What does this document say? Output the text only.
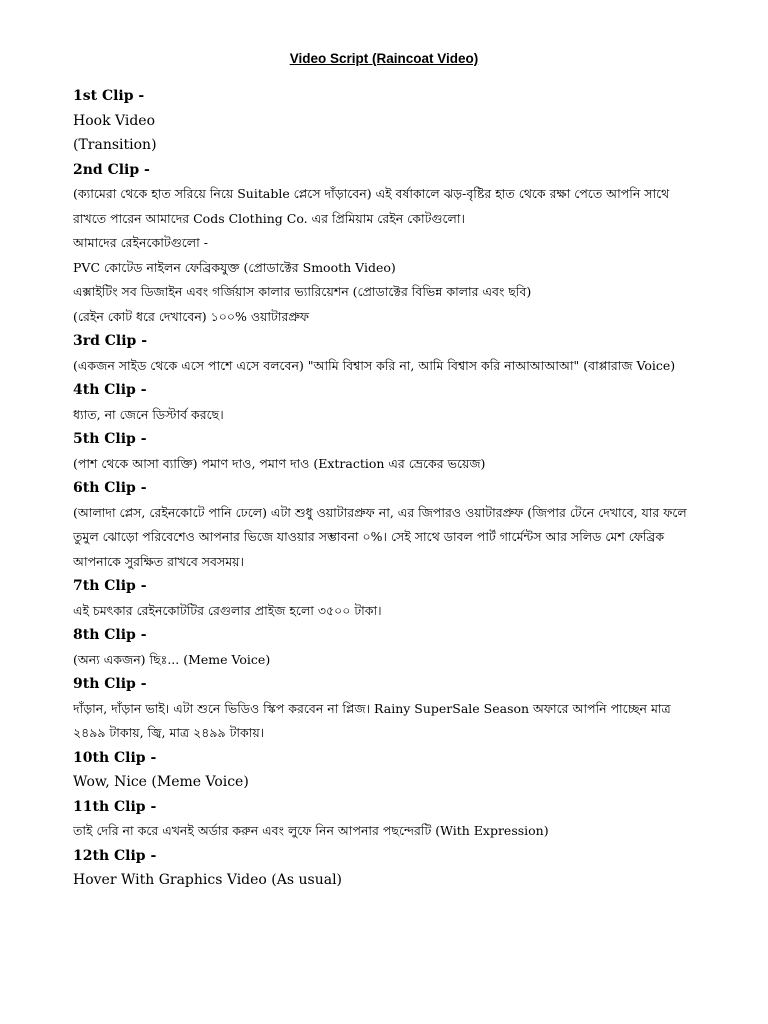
Video Script (Raincoat Video)
1st Clip -
Hook Video
(Transition)
2nd Clip -
(ক্যামেরা থেকে হাত সরিয়ে নিয়ে Suitable প্লেসে দাঁড়াবেন) এই বর্ষাকালে ঝড়-বৃষ্টির হাত থেকে রক্ষা পেতে আপনি সাথে
রাখতে পারেন আমাদের Cods Clothing Co. এর প্রিমিয়াম রেইন কোটগুলো।
আমাদের রেইনকোটগুলো -
PVC কোটেড নাইলন ফেব্রিকযুক্ত (প্রোডাক্টের Smooth Video)
এক্সাইটিং সব ডিজাইন এবং গর্জিয়াস কালার ভ্যারিয়েশন (প্রোডাক্টের বিভিন্ন কালার এবং ছবি)
(রেইন কোট ধরে দেখাবেন) ১০০% ওয়াটারপ্রুফ
3rd Clip -
(একজন সাইড থেকে এসে পাশে এসে বলবেন) "আমি বিশ্বাস করি না, আমি বিশ্বাস করি নাআআআআ" (বাপ্পারাজ Voice)
4th Clip -
ধ্যাত, না জেনে ডিস্টার্ব করছে।
5th Clip -
(পাশ থেকে আসা ব্যাক্তি) পমাণ দাও, পমাণ দাও (Extraction এর ভ্রেকের ভয়েজ)
6th Clip -
(আলাদা প্লেস, রেইনকোটে পানি ঢেলে) এটা শুধু ওয়াটারপ্রুফ না, এর জিপারও ওয়াটারপ্রুফ (জিপার টেনে দেখাবে, যার ফলে
তুমুল ঝোড়ো পরিবেশেও আপনার ভিজে যাওয়ার সম্ভাবনা ০%। সেই সাথে ডাবল পার্ট গার্মেন্টস আর সলিড মেশ ফেব্রিক
আপনাকে সুরক্ষিত রাখবে সবসময়।
7th Clip -
এই চমৎকার রেইনকোটটির রেগুলার প্রাইজ হলো ৩৫০০ টাকা।
8th Clip -
(অন্য একজন) ছিঃ... (Meme Voice)
9th Clip -
দাঁড়ান, দাঁড়ান ভাই। এটা শুনে ভিডিও স্কিপ করবেন না প্লিজ। Rainy SuperSale Season অফারে আপনি পাচ্ছেন মাত্র
২৪৯৯ টাকায়, জ্বি, মাত্র ২৪৯৯ টাকায়।
10th Clip -
Wow, Nice (Meme Voice)
11th Clip -
তাই দেরি না করে এখনই অর্ডার করুন এবং লুফে নিন আপনার পছন্দেরটি (With Expression)
12th Clip -
Hover With Graphics Video (As usual)
